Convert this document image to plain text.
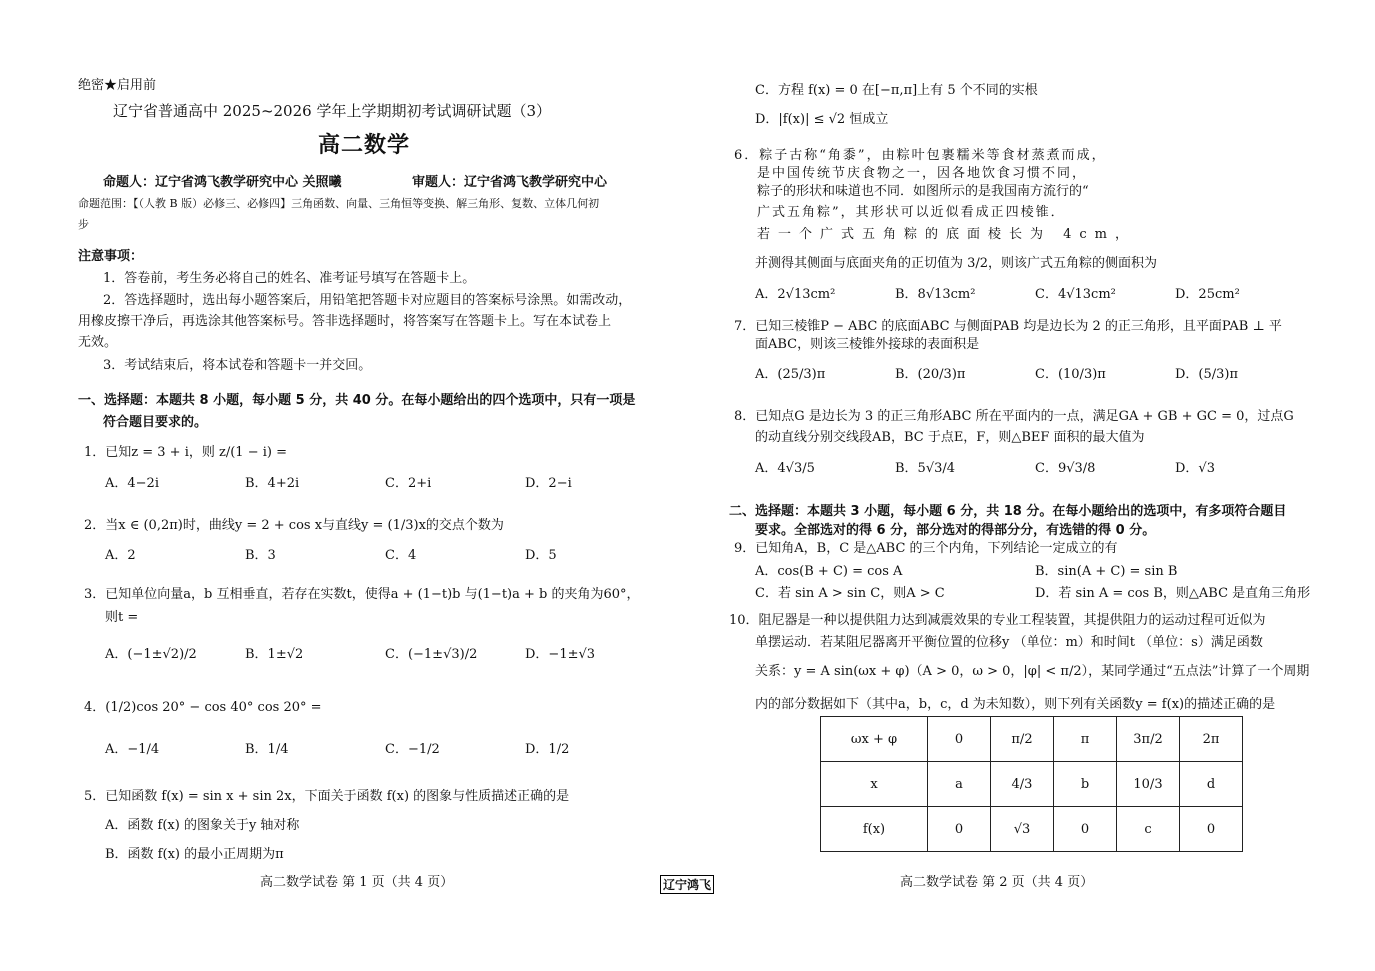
绝密★启用前
辽宁省普通高中 2025~2026 学年上学期期初考试调研试题（3）
高二数学
命题人：辽宁省鸿飞教学研究中心 关照曦	审题人：辽宁省鸿飞教学研究中心
命题范围：【（人教 B 版）必修三、必修四】三角函数、向量、三角恒等变换、解三角形、复数、立体几何初
步
注意事项：
1．答卷前，考生务必将自己的姓名、准考证号填写在答题卡上。
2．答选择题时，选出每小题答案后，用铅笔把答题卡对应题目的答案标号涂黑。如需改动，
用橡皮擦干净后，再选涂其他答案标号。答非选择题时，将答案写在答题卡上。写在本试卷上
无效。
3．考试结束后，将本试卷和答题卡一并交回。
一、选择题：本题共 8 小题，每小题 5 分，共 40 分。在每小题给出的四个选项中，只有一项是
符合题目要求的。
1．已知z = 3 + i，则 z/(1 − i) =
A．4−2i	B．4+2i	C．2+i	D．2−i
2．当x ∈ (0,2π)时，曲线y = 2 + cos x与直线y = (1/3)x的交点个数为
A．2	B．3	C．4	D．5
3．已知单位向量a，b 互相垂直，若存在实数t，使得a + (1−t)b 与(1−t)a + b 的夹角为60°，
则t =
A．(−1±√2)/2	B．1±√2	C．(−1±√3)/2	D．−1±√3
4．(1/2)cos 20° − cos 40° cos 20° =
A．−1/4	B．1/4	C．−1/2	D．1/2
5．已知函数 f(x) = sin x + sin 2x，下面关于函数 f(x) 的图象与性质描述正确的是
A．函数 f(x) 的图象关于y 轴对称
B．函数 f(x) 的最小正周期为π
C．方程 f(x) = 0 在[−π,π]上有 5 个不同的实根
D．|f(x)| ≤ √2 恒成立
6．粽子古称“角黍”，由粽叶包裹糯米等食材蒸煮而成，
是中国传统节庆食物之一，因各地饮食习惯不同，
粽子的形状和味道也不同．如图所示的是我国南方流行的“
广式五角粽”，其形状可以近似看成正四棱锥．
若一个广式五角粽的底面棱长为 4cm，
并测得其侧面与底面夹角的正切值为 3/2，则该广式五角粽的侧面积为
A．2√13cm²	B．8√13cm²	C．4√13cm²	D．25cm²
7．已知三棱锥P − ABC 的底面ABC 与侧面PAB 均是边长为 2 的正三角形，且平面PAB ⊥ 平
面ABC，则该三棱锥外接球的表面积是
A．(25/3)π	B．(20/3)π	C．(10/3)π	D．(5/3)π
8．已知点G 是边长为 3 的正三角形ABC 所在平面内的一点，满足GA + GB + GC = 0，过点G
的动直线分别交线段AB，BC 于点E，F，则△BEF 面积的最大值为
A．4√3/5	B．5√3/4	C．9√3/8	D．√3
二、选择题：本题共 3 小题，每小题 6 分，共 18 分。在每小题给出的选项中，有多项符合题目
要求。全部选对的得 6 分，部分选对的得部分分，有选错的得 0 分。
9．已知角A，B，C 是△ABC 的三个内角，下列结论一定成立的有
A．cos(B + C) = cos A	B．sin(A + C) = sin B
C．若 sin A > sin C，则A > C	D．若 sin A = cos B，则△ABC 是直角三角形
10．阻尼器是一种以提供阻力达到减震效果的专业工程装置，其提供阻力的运动过程可近似为
单摆运动．若某阻尼器离开平衡位置的位移y （单位：m）和时间t （单位：s）满足函数
关系：y = A sin(ωx + φ)（A > 0，ω > 0，|φ| < π/2），某同学通过“五点法”计算了一个周期
内的部分数据如下（其中a，b，c，d 为未知数），则下列有关函数y = f(x)的描述正确的是
ωx + φ	0	π/2	π	3π/2	2π
x	a	4/3	b	10/3	d
f(x)	0	√3	0	c	0
高二数学试卷 第 1 页（共 4 页）	辽宁鸿飞	高二数学试卷 第 2 页（共 4 页）
